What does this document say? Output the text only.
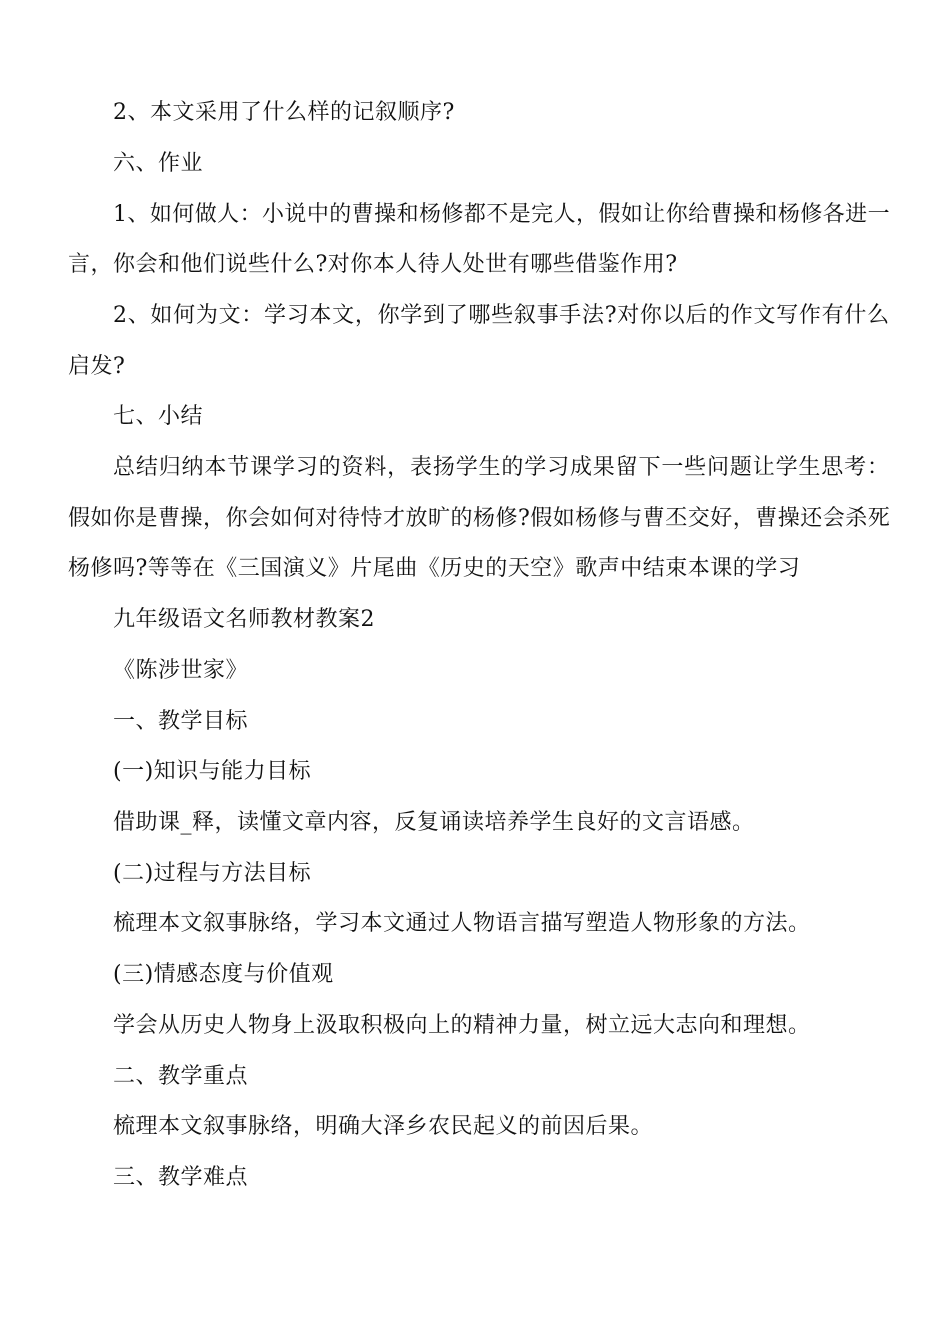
2、本文采用了什么样的记叙顺序?
六、作业
1、如何做人：小说中的曹操和杨修都不是完人，假如让你给曹操和杨修各进一
言，你会和他们说些什么?对你本人待人处世有哪些借鉴作用?
2、如何为文：学习本文，你学到了哪些叙事手法?对你以后的作文写作有什么
启发?
七、小结
总结归纳本节课学习的资料，表扬学生的学习成果留下一些问题让学生思考：
假如你是曹操，你会如何对待恃才放旷的杨修?假如杨修与曹丕交好，曹操还会杀死
杨修吗?等等在《三国演义》片尾曲《历史的天空》歌声中结束本课的学习
九年级语文名师教材教案2
《陈涉世家》
一、教学目标
(一)知识与能力目标
借助课_释，读懂文章内容，反复诵读培养学生良好的文言语感。
(二)过程与方法目标
梳理本文叙事脉络，学习本文通过人物语言描写塑造人物形象的方法。
(三)情感态度与价值观
学会从历史人物身上汲取积极向上的精神力量，树立远大志向和理想。
二、教学重点
梳理本文叙事脉络，明确大泽乡农民起义的前因后果。
三、教学难点
